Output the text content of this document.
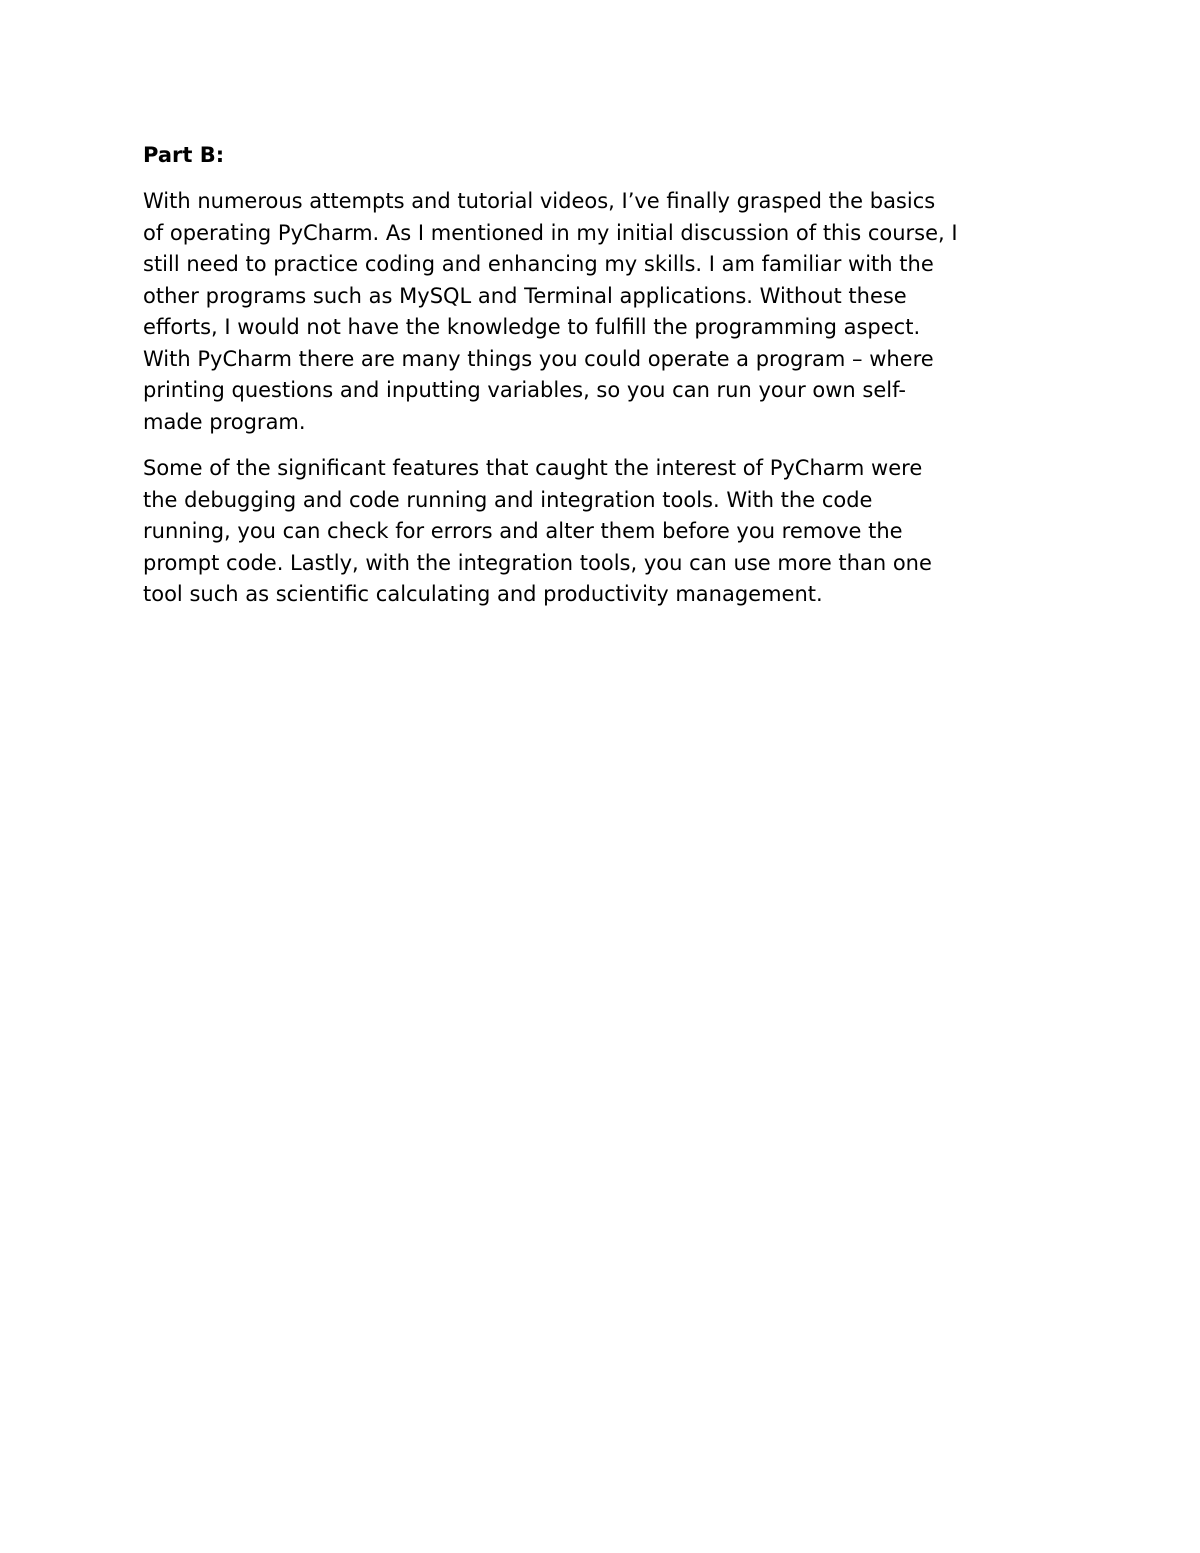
Part B:

With numerous attempts and tutorial videos, I’ve finally grasped the basics
of operating PyCharm. As I mentioned in my initial discussion of this course, I
still need to practice coding and enhancing my skills. I am familiar with the
other programs such as MySQL and Terminal applications. Without these
efforts, I would not have the knowledge to fulfill the programming aspect.
With PyCharm there are many things you could operate a program – where
printing questions and inputting variables, so you can run your own self-
made program.

Some of the significant features that caught the interest of PyCharm were
the debugging and code running and integration tools. With the code
running, you can check for errors and alter them before you remove the
prompt code. Lastly, with the integration tools, you can use more than one
tool such as scientific calculating and productivity management.
